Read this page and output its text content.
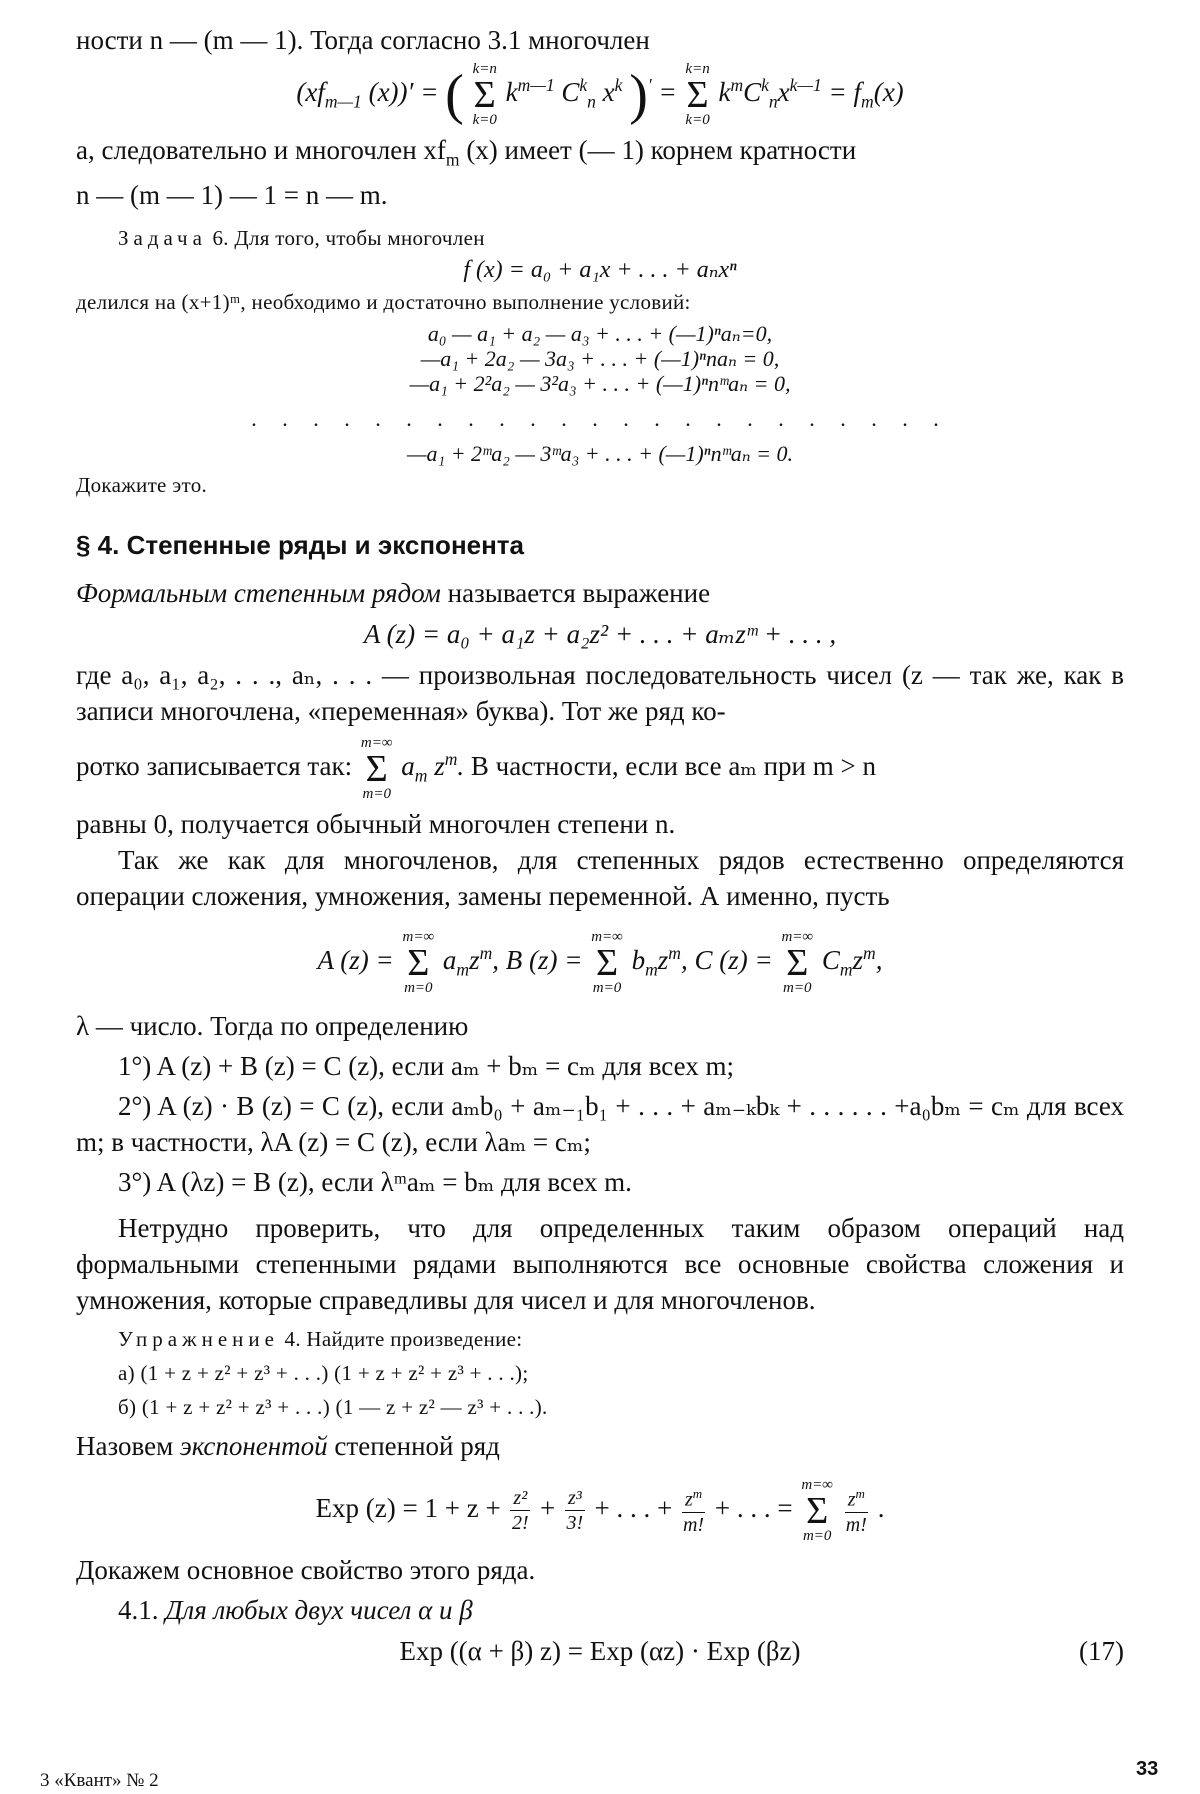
ности n — (m — 1). Тогда согласно 3.1 многочлен

($xf_{m—1}$ (x))′ = ( k=n
Σ
k=0
$k^{m—1}$ $C^k_n$ $x^k$ )′ =
k=n
Σ
k=0
$k^mC^k_nx^{k—1} = f_m(x)$

а, следовательно и многочлен $xf_m$ (x) имеет (— 1) корнем кратности

n — (m — 1) — 1 = n — m.

Задача 6. Для того, чтобы многочлен

f (x) = a₀ + a₁x + . . . + aₙxⁿ

делился на (x+1)ᵐ, необходимо и достаточно выполнение условий:

a₀ — a₁ + a₂ — a₃ + . . . + (—1)ⁿaₙ=0,
—a₁ + 2a₂ — 3a₃ + . . . + (—1)ⁿnaₙ = 0,
—a₁ + 2²a₂ — 3²a₃ + . . . + (—1)ⁿnᵐaₙ = 0,
. . . . . . . . . . . . . . . . . . . . . . .
—a₁ + 2ᵐa₂ — 3ᵐa₃ + . . . + (—1)ⁿnᵐaₙ = 0.

Докажите это.

§ 4. Степенные ряды и экспонента

Формальным степенным рядом называется выражение

A (z) = a₀ + a₁z + a₂z² + . . . + aₘzᵐ + . . . ,

где a₀, a₁, a₂, . . ., aₙ, . . . — произвольная последовательность чисел (z — так же, как в записи многочлена, «переменная» буква). Тот же ряд ко-

ротко записывается так:
m=∞
Σ
m=0
$a_m$ $z^m$. В частности, если все aₘ при m > n

равны 0, получается обычный многочлен степени n.

Так же как для многочленов, для степенных рядов естественно определяются операции сложения, умножения, замены переменной. А именно, пусть

A (z) =
m=∞
Σ
m=0
$a_mz^m$, B (z) =
m=∞
Σ
m=0
$b_mz^m$, C (z) =
m=∞
Σ
m=0
$C_mz^m$,

λ — число. Тогда по определению

1°) A (z) + B (z) = C (z), если aₘ + bₘ = cₘ для всех m;

2°) A (z) · B (z) = C (z), если aₘb₀ + aₘ₋₁b₁ + . . . + aₘ₋ₖbₖ + . . . . . . +a₀bₘ = cₘ для всех m; в частности, λA (z) = C (z), если λaₘ = cₘ;

3°) A (λz) = B (z), если λᵐaₘ = bₘ для всех m.

Нетрудно проверить, что для определенных таким образом операций над формальными степенными рядами выполняются все основные свойства сложения и умножения, которые справедливы для чисел и для многочленов.

Упражнение 4. Найдите произведение:

а) (1 + z + z² + z³ + . . .) (1 + z + z² + z³ + . . .);

б) (1 + z + z² + z³ + . . .) (1 — z + z² — z³ + . . .).

Назовем экспонентой степенной ряд

Exp $(z) = 1 + z + \frac{\text{z²}}{2!} + \frac{\text{z³}}{3!}$ + . . . + $\frac{z^m}{m!}$ + . . . =
m=∞
Σ
m=0

$\frac{z^m}{m!}$ .

Докажем основное свойство этого ряда.

4.1. Для любых двух чисел α и β

Exp ((α + β) z) = Exp (αz) · Exp (βz)	(17)
3 «Квант» № 2
33
